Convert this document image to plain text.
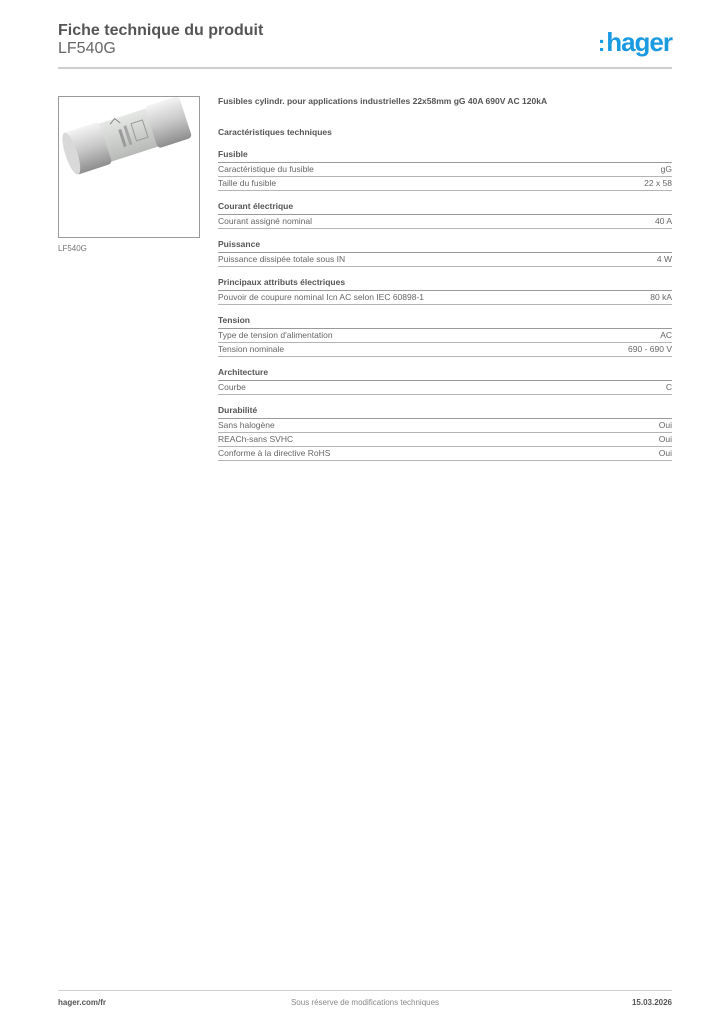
Fiche technique du produit
LF540G	:hager
LF540G
Fusibles cylindr. pour applications industrielles 22x58mm gG 40A 690V AC 120kA
Caractéristiques techniques
Fusible
Caractéristique du fusible	gG
Taille du fusible	22 x 58
Courant électrique
Courant assigné nominal	40 A
Puissance
Puissance dissipée totale sous IN	4 W
Principaux attributs électriques
Pouvoir de coupure nominal Icn AC selon IEC 60898-1	80 kA
Tension
Type de tension d'alimentation	AC
Tension nominale	690 - 690 V
Architecture
Courbe	C
Durabilité
Sans halogène	Oui
REACh-sans SVHC	Oui
Conforme à la directive RoHS	Oui
Sous réserve de modifications techniques
hager.com/fr	15.03.2026
